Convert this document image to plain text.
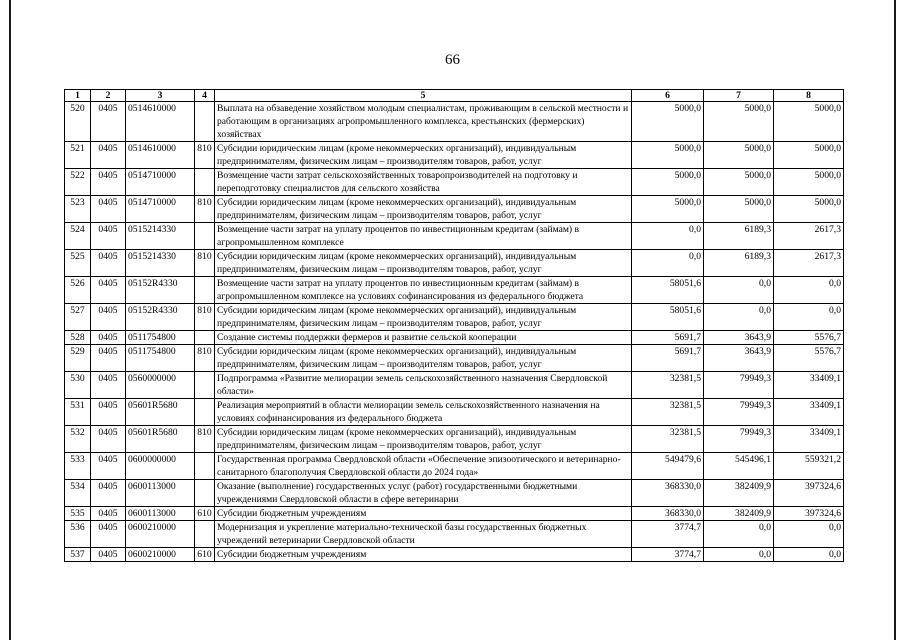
66
1	2	3	4	5	6	7	8
520	0405	0514610000		Выплата на обзаведение хозяйством молодым специалистам, проживающим в сельской местности и работающим в организациях агропромышленного комплекса, крестьянских (фермерских) хозяйствах	5000,0	5000,0	5000,0
521	0405	0514610000	810	Субсидии юридическим лицам (кроме некоммерческих организаций), индивидуальным предпринимателям, физическим лицам – производителям товаров, работ, услуг	5000,0	5000,0	5000,0
522	0405	0514710000		Возмещение части затрат сельскохозяйственных товаропроизводителей на подготовку и переподготовку специалистов для сельского хозяйства	5000,0	5000,0	5000,0
523	0405	0514710000	810	Субсидии юридическим лицам (кроме некоммерческих организаций), индивидуальным предпринимателям, физическим лицам – производителям товаров, работ, услуг	5000,0	5000,0	5000,0
524	0405	0515214330		Возмещение части затрат на уплату процентов по инвестиционным кредитам (займам) в агропромышленном комплексе	0,0	6189,3	2617,3
525	0405	0515214330	810	Субсидии юридическим лицам (кроме некоммерческих организаций), индивидуальным предпринимателям, физическим лицам – производителям товаров, работ, услуг	0,0	6189,3	2617,3
526	0405	05152R4330		Возмещение части затрат на уплату процентов по инвестиционным кредитам (займам) в агропромышленном комплексе на условиях софинансирования из федерального бюджета	58051,6	0,0	0,0
527	0405	05152R4330	810	Субсидии юридическим лицам (кроме некоммерческих организаций), индивидуальным предпринимателям, физическим лицам – производителям товаров, работ, услуг	58051,6	0,0	0,0
528	0405	0511754800		Создание системы поддержки фермеров и развитие сельской кооперации	5691,7	3643,9	5576,7
529	0405	0511754800	810	Субсидии юридическим лицам (кроме некоммерческих организаций), индивидуальным предпринимателям, физическим лицам – производителям товаров, работ, услуг	5691,7	3643,9	5576,7
530	0405	0560000000		Подпрограмма «Развитие мелиорации земель сельскохозяйственного назначения Свердловской области»	32381,5	79949,3	33409,1
531	0405	05601R5680		Реализация мероприятий в области мелиорации земель сельскохозяйственного назначения на условиях софинансирования из федерального бюджета	32381,5	79949,3	33409,1
532	0405	05601R5680	810	Субсидии юридическим лицам (кроме некоммерческих организаций), индивидуальным предпринимателям, физическим лицам – производителям товаров, работ, услуг	32381,5	79949,3	33409,1
533	0405	0600000000		Государственная программа Свердловской области «Обеспечение эпизоотического и ветеринарно-санитарного благополучия Свердловской области до 2024 года»	549479,6	545496,1	559321,2
534	0405	0600113000		Оказание (выполнение) государственных услуг (работ) государственными бюджетными учреждениями Свердловской области в сфере ветеринарии	368330,0	382409,9	397324,6
535	0405	0600113000	610	Субсидии бюджетным учреждениям	368330,0	382409,9	397324,6
536	0405	0600210000		Модернизация и укрепление материально-технической базы государственных бюджетных учреждений ветеринарии Свердловской области	3774,7	0,0	0,0
537	0405	0600210000	610	Субсидии бюджетным учреждениям	3774,7	0,0	0,0
